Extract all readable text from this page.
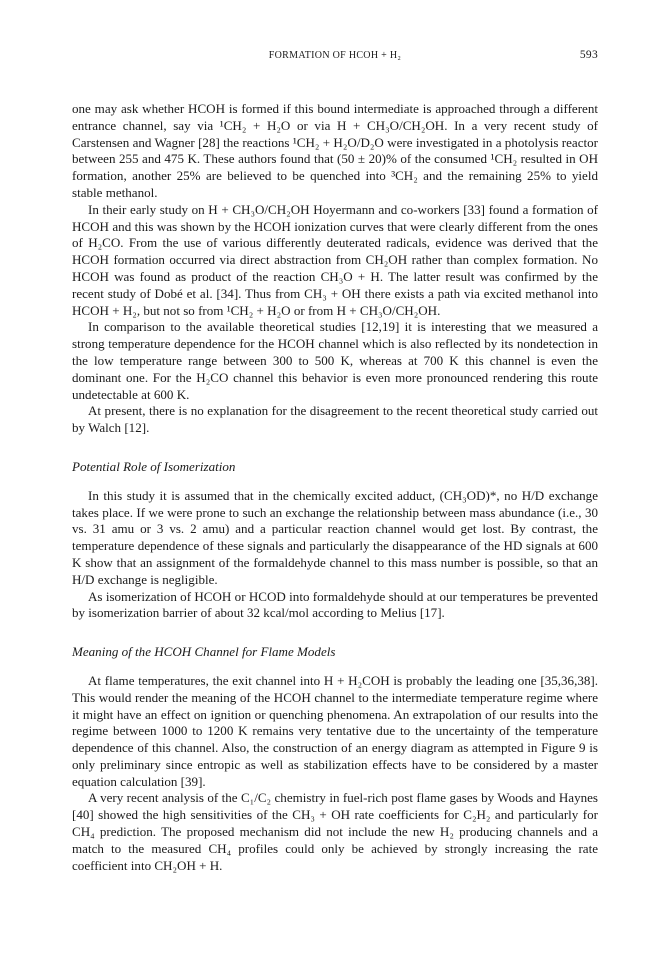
FORMATION OF HCOH + H₂	593

one may ask whether HCOH is formed if this bound intermediate is approached through a different entrance channel, say via ¹CH₂ + H₂O or via H + CH₃O/CH₂OH. In a very recent study of Carstensen and Wagner [28] the reactions ¹CH₂ + H₂O/D₂O were investigated in a photolysis reactor between 255 and 475 K. These authors found that (50 ± 20)% of the consumed ¹CH₂ resulted in OH formation, another 25% are believed to be quenched into ³CH₂ and the remaining 25% to yield stable methanol.

In their early study on H + CH₃O/CH₂OH Hoyermann and co-workers [33] found a formation of HCOH and this was shown by the HCOH ionization curves that were clearly different from the ones of H₂CO. From the use of various differently deuterated radicals, evidence was derived that the HCOH formation occurred via direct abstraction from CH₂OH rather than complex formation. No HCOH was found as product of the reaction CH₃O + H. The latter result was confirmed by the recent study of Dobé et al. [34]. Thus from CH₃ + OH there exists a path via excited methanol into HCOH + H₂, but not so from ¹CH₂ + H₂O or from H + CH₃O/CH₂OH.

In comparison to the available theoretical studies [12,19] it is interesting that we measured a strong temperature dependence for the HCOH channel which is also reflected by its nondetection in the low temperature range between 300 to 500 K, whereas at 700 K this channel is even the dominant one. For the H₂CO channel this behavior is even more pronounced rendering this route undetectable at 600 K.

At present, there is no explanation for the disagreement to the recent theoretical study carried out by Walch [12].

Potential Role of Isomerization

In this study it is assumed that in the chemically excited adduct, (CH₃OD)*, no H/D exchange takes place. If we were prone to such an exchange the relationship between mass abundance (i.e., 30 vs. 31 amu or 3 vs. 2 amu) and a particular reaction channel would get lost. By contrast, the temperature dependence of these signals and particularly the disappearance of the HD signals at 600 K show that an assignment of the formaldehyde channel to this mass number is possible, so that an H/D exchange is negligible.

As isomerization of HCOH or HCOD into formaldehyde should at our temperatures be prevented by isomerization barrier of about 32 kcal/mol according to Melius [17].

Meaning of the HCOH Channel for Flame Models

At flame temperatures, the exit channel into H + H₂COH is probably the leading one [35,36,38]. This would render the meaning of the HCOH channel to the intermediate temperature regime where it might have an effect on ignition or quenching phenomena. An extrapolation of our results into the regime between 1000 to 1200 K remains very tentative due to the uncertainty of the temperature dependence of this channel. Also, the construction of an energy diagram as attempted in Figure 9 is only preliminary since entropic as well as stabilization effects have to be considered by a master equation calculation [39].

A very recent analysis of the C₁/C₂ chemistry in fuel-rich post flame gases by Woods and Haynes [40] showed the high sensitivities of the CH₃ + OH rate coefficients for C₂H₂ and particularly for CH₄ prediction. The proposed mechanism did not include the new H₂ producing channels and a match to the measured CH₄ profiles could only be achieved by strongly increasing the rate coefficient into CH₂OH + H.
